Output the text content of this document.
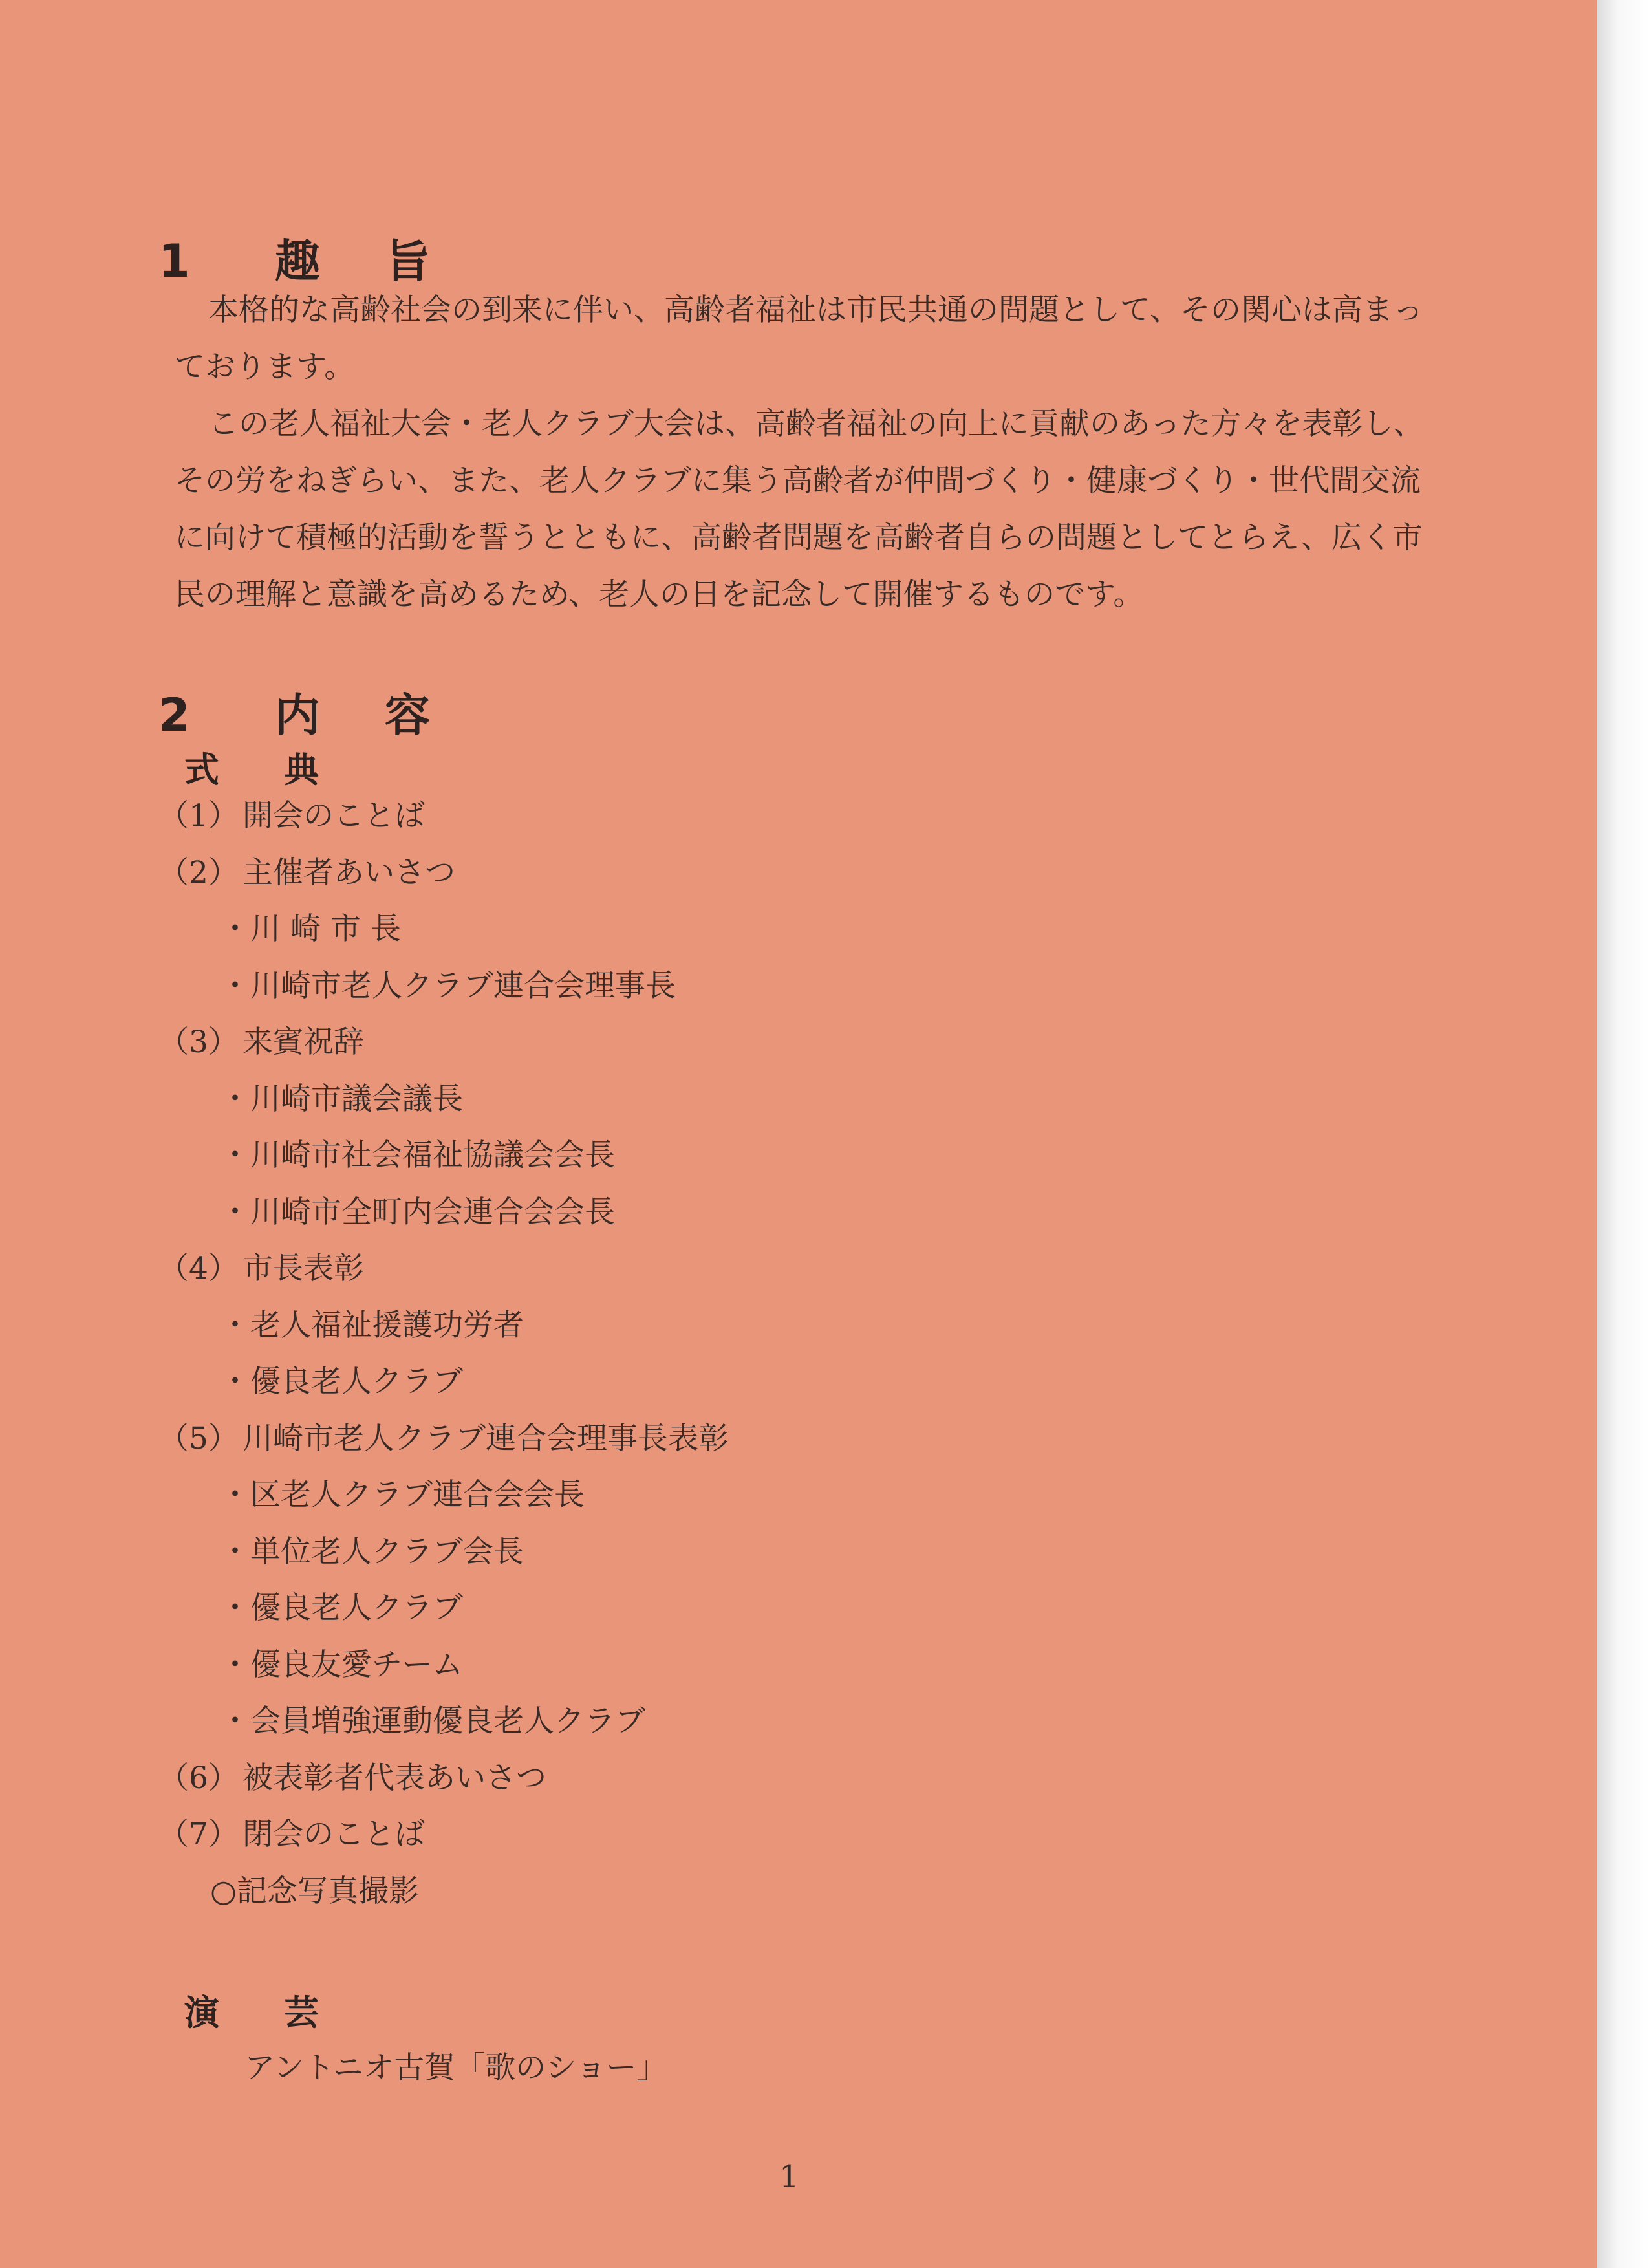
1 趣旨

本格的な高齢社会の到来に伴い、高齢者福祉は市民共通の問題として、その関心は高まっております。

この老人福祉大会・老人クラブ大会は、高齢者福祉の向上に貢献のあった方々を表彰し、その労をねぎらい、また、老人クラブに集う高齢者が仲間づくり・健康づくり・世代間交流に向けて積極的活動を誓うとともに、高齢者問題を高齢者自らの問題としてとらえ、広く市民の理解と意識を高めるため、老人の日を記念して開催するものです。

2 内容
式典
（1） 開会のことば
（2） 主催者あいさつ
・川 崎 市 長
・川崎市老人クラブ連合会理事長
（3） 来賓祝辞
・川崎市議会議長
・川崎市社会福祉協議会会長
・川崎市全町内会連合会会長
（4） 市長表彰
・老人福祉援護功労者
・優良老人クラブ
（5） 川崎市老人クラブ連合会理事長表彰
・区老人クラブ連合会会長
・単位老人クラブ会長
・優良老人クラブ
・優良友愛チーム
・会員増強運動優良老人クラブ
（6） 被表彰者代表あいさつ
（7） 閉会のことば
○記念写真撮影
演芸
アントニオ古賀「歌のショー」
1
